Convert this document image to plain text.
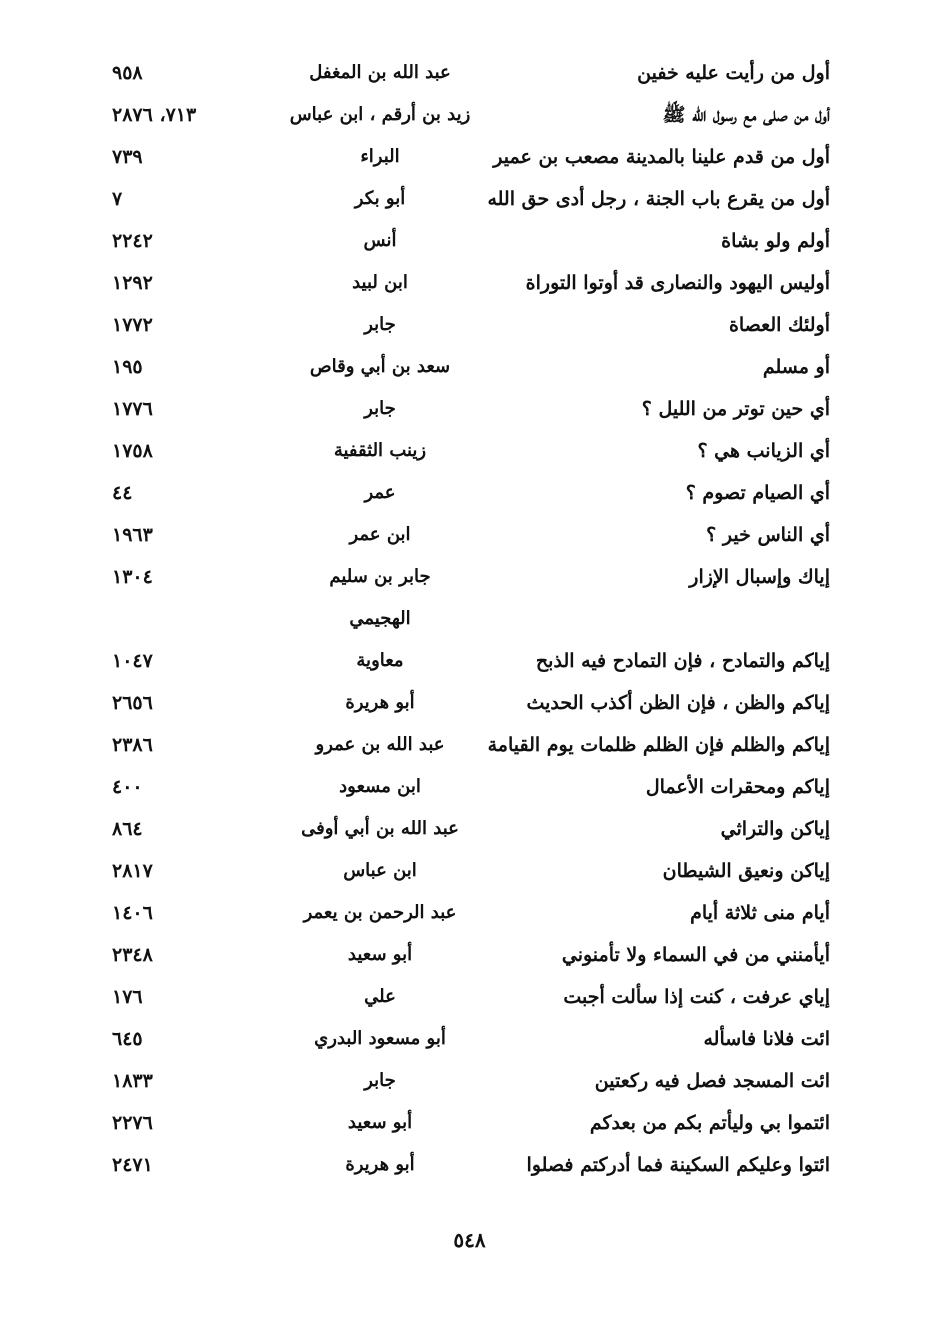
أول من رأيت عليه خفين
عبد الله بن المغفل
٩٥٨
أول من صلى مع رسول الله ﷺ
زيد بن أرقم ، ابن عباس
٧١٣، ٢٨٧٦
أول من قدم علينا بالمدينة مصعب بن عمير
البراء
٧٣٩
أول من يقرع باب الجنة ، رجل أدى حق الله
أبو بكر
٧
أولم ولو بشاة
أنس
٢٢٤٢
أوليس اليهود والنصارى قد أوتوا التوراة
ابن لبيد
١٢٩٢
أولئك العصاة
جابر
١٧٧٢
أو مسلم
سعد بن أبي وقاص
١٩٥
أي حين توتر من الليل ؟
جابر
١٧٧٦
أي الزيانب هي ؟
زينب الثقفية
١٧٥٨
أي الصيام تصوم ؟
عمر
٤٤
أي الناس خير ؟
ابن عمر
١٩٦٣
إياك وإسبال الإزار
جابر بن سليم
١٣٠٤
الهجيمي
إياكم والتمادح ، فإن التمادح فيه الذبح
معاوية
١٠٤٧
إياكم والظن ، فإن الظن أكذب الحديث
أبو هريرة
٢٦٥٦
إياكم والظلم فإن الظلم ظلمات يوم القيامة
عبد الله بن عمرو
٢٣٨٦
إياكم ومحقرات الأعمال
ابن مسعود
٤٠٠
إياكن والتراثي
عبد الله بن أبي أوفى
٨٦٤
إياكن ونعيق الشيطان
ابن عباس
٢٨١٧
أيام منى ثلاثة أيام
عبد الرحمن بن يعمر
١٤٠٦
أيأمنني من في السماء ولا تأمنوني
أبو سعيد
٢٣٤٨
إياي عرفت ، كنت إذا سألت أجبت
علي
١٧٦
ائت فلانا فاسأله
أبو مسعود البدري
٦٤٥
ائت المسجد فصل فيه ركعتين
جابر
١٨٣٣
ائتموا بي وليأتم بكم من بعدكم
أبو سعيد
٢٢٧٦
ائتوا وعليكم السكينة فما أدركتم فصلوا
أبو هريرة
٢٤٧١
٥٤٨
